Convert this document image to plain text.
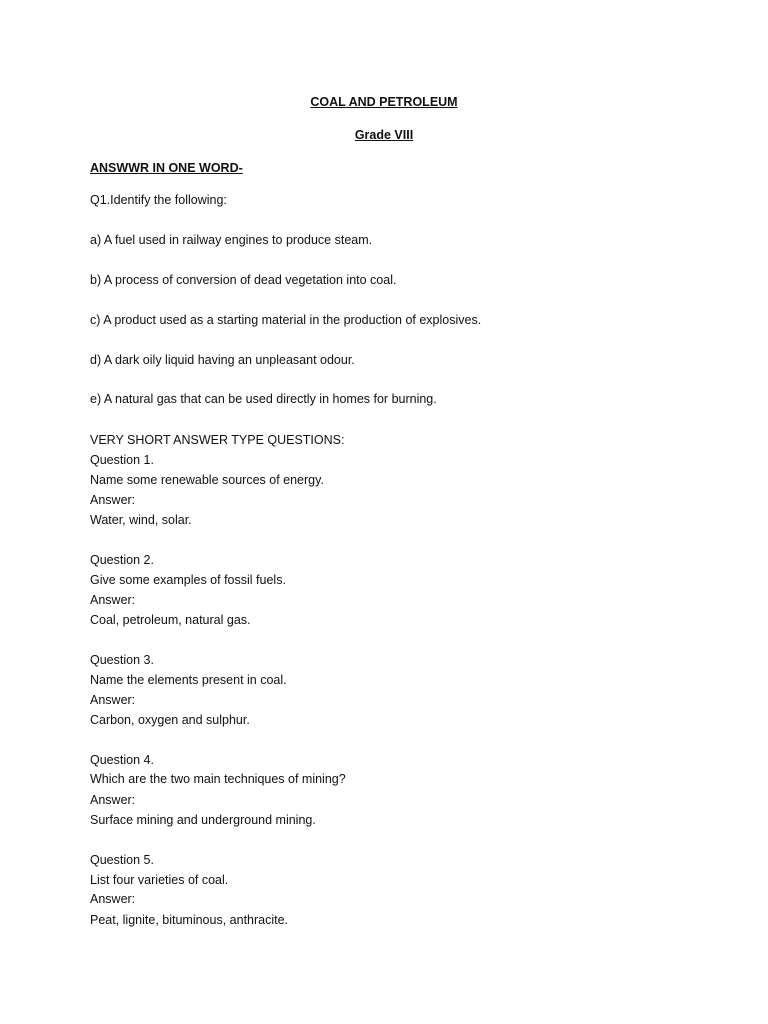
COAL AND PETROLEUM
Grade VIII
ANSWWR IN ONE WORD-
Q1.Identify the following:
a) A fuel used in railway engines to produce steam.
b) A process of conversion of dead vegetation into coal.
c) A product used as a starting material in the production of explosives.
d) A dark oily liquid having an unpleasant odour.
e) A natural gas that can be used directly in homes for burning.
VERY SHORT ANSWER TYPE QUESTIONS:
Question 1.
Name some renewable sources of energy.
Answer:
Water, wind, solar.
Question 2.
Give some examples of fossil fuels.
Answer:
Coal, petroleum, natural gas.
Question 3.
Name the elements present in coal.
Answer:
Carbon, oxygen and sulphur.
Question 4.
Which are the two main techniques of mining?
Answer:
Surface mining and underground mining.
Question 5.
List four varieties of coal.
Answer:
Peat, lignite, bituminous, anthracite.
